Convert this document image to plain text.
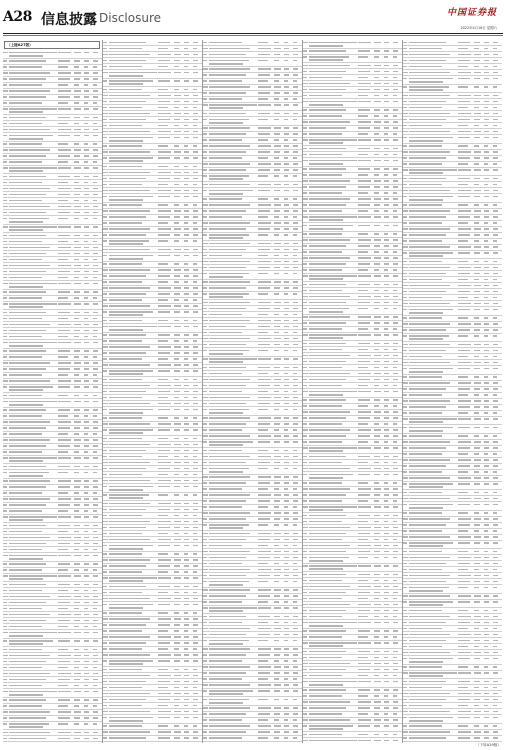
A28 信息披露 Disclosure	中国证券报
2022年4月16日 星期六
（上接A27版）
（下转A29版）
